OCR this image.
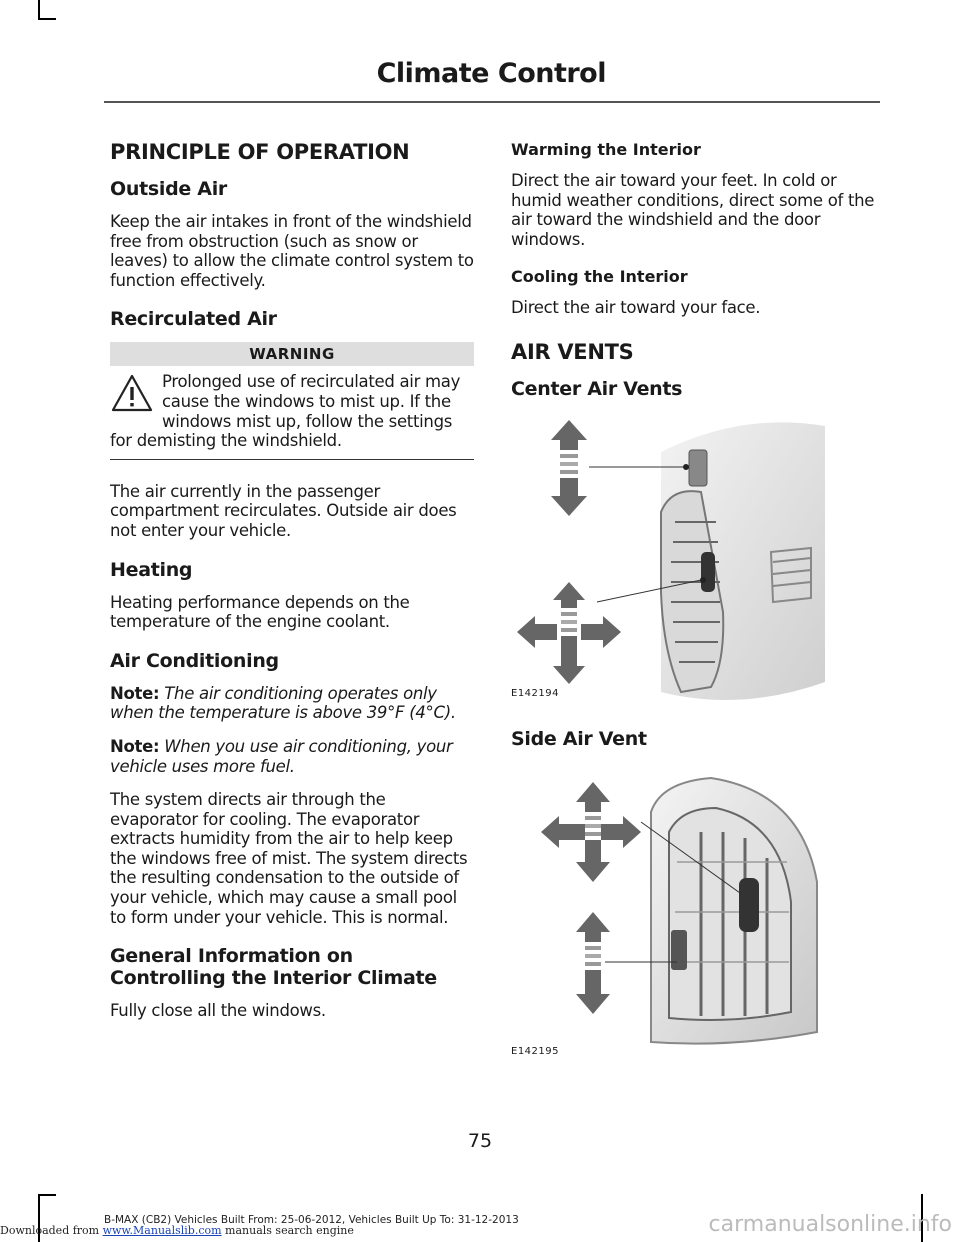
Climate Control
PRINCIPLE OF OPERATION
Outside Air

Keep the air intakes in front of the windshield free from obstruction (such as snow or leaves) to allow the climate control system to function effectively.

Recirculated Air
WARNING

Prolonged use of recirculated air may cause the windows to mist up. If the windows mist up, follow the settings for demisting the windshield.

The air currently in the passenger compartment recirculates. Outside air does not enter your vehicle.

Heating

Heating performance depends on the temperature of the engine coolant.

Air Conditioning

Note: The air conditioning operates only when the temperature is above 39°F (4°C).

Note: When you use air conditioning, your vehicle uses more fuel.

The system directs air through the evaporator for cooling. The evaporator extracts humidity from the air to help keep the windows free of mist. The system directs the resulting condensation to the outside of your vehicle, which may cause a small pool to form under your vehicle. This is normal.

General Information on Controlling the Interior Climate

Fully close all the windows.

Warming the Interior

Direct the air toward your feet. In cold or humid weather conditions, direct some of the air toward the windshield and the door windows.

Cooling the Interior

Direct the air toward your face.

AIR VENTS
Center Air Vents
E142194
Side Air Vent
E142195
75
B-MAX (CB2) Vehicles Built From: 25-06-2012, Vehicles Built Up To: 31-12-2013
Downloaded from www.Manualslib.com manuals search engine	carmanualsonline.info
